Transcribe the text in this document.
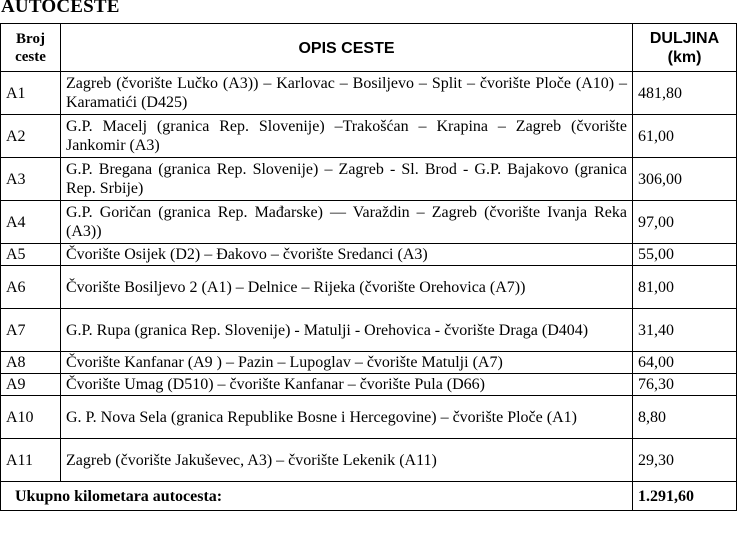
AUTOCESTE
Broj
ceste	OPIS CESTE	DULJINA
(km)
A1	Zagreb (čvorište Lučko (A3)) – Karlovac – Bosiljevo – Split – čvorište Ploče (A10) – Karamatići (D425)	481,80
A2	G.P. Macelj (granica Rep. Slovenije) –Trakošćan – Krapina – Zagreb (čvorište Jankomir (A3)	61,00
A3	G.P. Bregana (granica Rep. Slovenije) – Zagreb - Sl. Brod - G.P. Bajakovo (granica Rep. Srbije)	306,00
A4	G.P. Goričan (granica Rep. Mađarske) — Varaždin – Zagreb (čvorište Ivanja Reka (A3))	97,00
A5	Čvorište Osijek (D2) – Đakovo – čvorište Sredanci (A3)	55,00
A6	Čvorište Bosiljevo 2 (A1) – Delnice – Rijeka (čvorište Orehovica (A7))	81,00
A7	G.P. Rupa (granica Rep. Slovenije) - Matulji - Orehovica - čvorište Draga (D404)	31,40
A8	Čvorište Kanfanar (A9 ) – Pazin – Lupoglav – čvorište Matulji (A7)	64,00
A9	Čvorište Umag (D510) – čvorište Kanfanar – čvorište Pula (D66)	76,30
A10	G. P. Nova Sela (granica Republike Bosne i Hercegovine) – čvorište Ploče (A1)	8,80
A11	Zagreb (čvorište Jakuševec, A3) – čvorište Lekenik (A11)	29,30
Ukupno kilometara autocesta:		1.291,60
